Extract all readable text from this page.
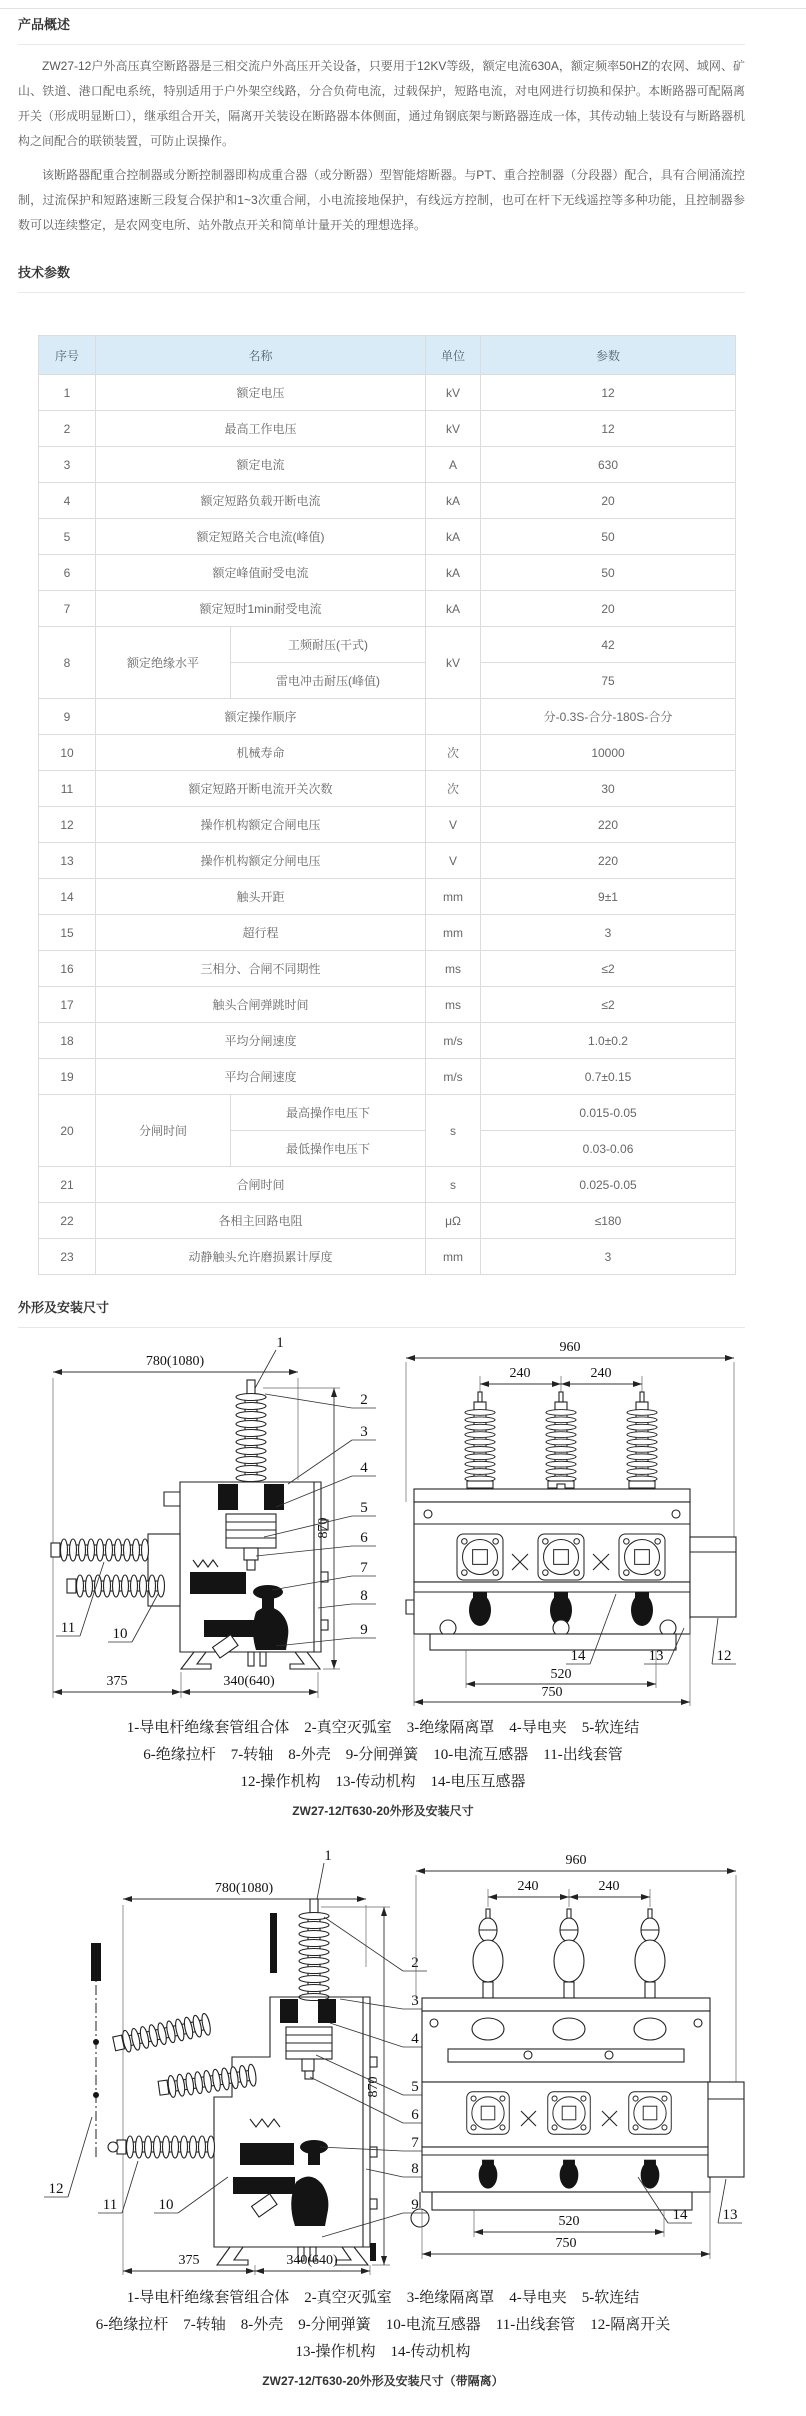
产品概述

ZW27-12户外高压真空断路器是三相交流户外高压开关设备，只要用于12KV等级，额定电流630A，额定频率50HZ的农网、域网、矿山、铁道、港口配电系统，特别适用于户外架空线路，分合负荷电流，过载保护，短路电流，对电网进行切换和保护。本断路器可配隔离开关（形成明显断口），继承组合开关，隔离开关装设在断路器本体侧面，通过角钢底架与断路器连成一体，其传动轴上装设有与断路器机构之间配合的联锁装置，可防止误操作。

该断路器配重合控制器或分断控制器即构成重合器（或分断器）型智能熔断器。与PT、重合控制器（分段器）配合，具有合闸涌流控制，过流保护和短路速断三段复合保护和1~3次重合闸，小电流接地保护，有线远方控制，也可在杆下无线遥控等多种功能，且控制器参数可以连续整定，是农网变电所、站外散点开关和简单计量开关的理想选择。

技术参数
序号	名称		单位	参数
1	额定电压		kV	12
2	最高工作电压		kV	12
3	额定电流		A	630
4	额定短路负载开断电流		kA	20
5	额定短路关合电流(峰值)		kA	50
6	额定峰值耐受电流		kA	50
7	额定短时1min耐受电流		kA	20
8	额定绝缘水平	工频耐压(干式)	kV	42
		雷电冲击耐压(峰值)		75
9	额定操作顺序			分-0.3S-合分-180S-合分
10	机械寿命		次	10000
11	额定短路开断电流开关次数		次	30
12	操作机构额定合闸电压		V	220
13	操作机构额定分闸电压		V	220
14	触头开距		mm	9±1
15	超行程		mm	3
16	三相分、合闸不同期性		ms	≤2
17	触头合闸弹跳时间		ms	≤2
18	平均分闸速度		m/s	1.0±0.2
19	平均合闸速度		m/s	0.7±0.15
20	分闸时间	最高操作电压下	s	0.015-0.05
		最低操作电压下		0.03-0.06
21	合闸时间		s	0.025-0.05
22	各相主回路电阻		μΩ	≤180
23	动静触头允许磨损累计厚度		mm	3
外形及安装尺寸
780(1080)
1
870
2
3
4
5
6
7
8
9
11 10
375	340(640)
960
240	240
14	13	12
520
750
1-导电杆绝缘套管组合体　2-真空灭弧室　3-绝缘隔离罩　4-导电夹　5-软连结
6-绝缘拉杆　7-转轴　8-外壳　9-分闸弹簧　10-电流互感器　11-出线套管
12-操作机构　13-传动机构　14-电压互感器
ZW27-12/T630-20外形及安装尺寸
780(1080)
1
870
2
3
4
5
6
7
8
9
12
11	10
375	340(640)
960
240	240
14 13
520
750
1-导电杆绝缘套管组合体　2-真空灭弧室　3-绝缘隔离罩　4-导电夹　5-软连结
6-绝缘拉杆　7-转轴　8-外壳　9-分闸弹簧　10-电流互感器　11-出线套管　12-隔离开关
13-操作机构　14-传动机构
ZW27-12/T630-20外形及安装尺寸（带隔离）
